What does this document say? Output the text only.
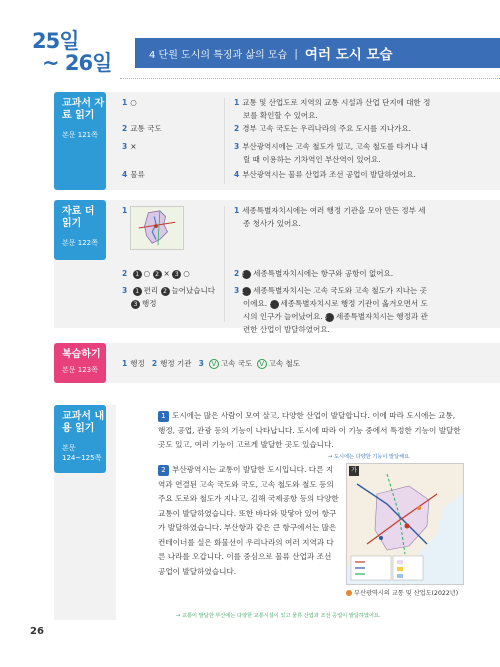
25일
~ 26일	4 단원 도시의 특징과 삶의 모습 | 여러 도시 모습
교과서 자료 읽기
본문 121쪽
1 ○
2 교통 국도
3 ×
4 물류
1 교통 및 산업도로 지역의 교통 시설과 산업 단지에 대한 정보를 확인할 수 있어요.
2 경부 고속 국도는 우리나라의 주요 도시를 지나가요.
3 부산광역시에는 고속 철도가 있고, 고속 철도를 타거나 내릴 때 이용하는 기차역인 부산역이 있어요.
4 부산광역시는 물류 산업과 조선 공업이 발달하였어요.
자료 더 읽기
본문 122쪽
1
2 1 ○ 2 × 3 ○
3 1 편리 2 늘어났습니다
3 행정
1 세종특별자치시에는 여러 행정 기관을 모아 만든 정부 세종 청사가 있어요.
22 세종특별자치시에는 항구와 공항이 없어요.
31 세종특별자치시는 고속 국도와 고속 철도가 지나는 곳이에요. 2 세종특별자치시로 행정 기관이 옮겨오면서 도시의 인구가 늘어났어요. 3 세종특별자치시는 행정과 관련한 산업이 발달하였어요.
복습하기
본문 123쪽
1 행정 2 행정 기관 3 V 고속 국도 V 고속 철도
교과서 내용 읽기
본문 124~125쪽
1 도시에는 많은 사람이 모여 살고, 다양한 산업이 발달합니다. 이에 따라 도시에는 교통, 행정, 공업, 관광 등의 기능이 나타납니다. 도시에 따라 이 기능 중에서 특정한 기능이 발달한 곳도 있고, 여러 기능이 고르게 발달한 곳도 있습니다.
→ 도시에는 다양한 기능이 발달해요.
2 부산광역시는 교통이 발달한 도시입니다. 다른 지역과 연결된 고속 국도와 국도, 고속 철도와 철도 등의 주요 도로와 철도가 지나고, 김해 국제공항 등의 다양한 교통이 발달하였습니다. 또한 바다와 맞닿아 있어 항구가 발달하였습니다. 부산항과 같은 큰 항구에서는 많은 컨테이너를 실은 화물선이 우리나라의 여러 지역과 다른 나라를 오갑니다. 이를 중심으로 물류 산업과 조선 공업이 발달하였습니다.
→ 교통이 발달한 부산에는 다양한 교통시설이 있고 물류 산업과 조선 공업이 발달하였어요.
가
부산광역시의 교통 및 산업도(2022년)
26
